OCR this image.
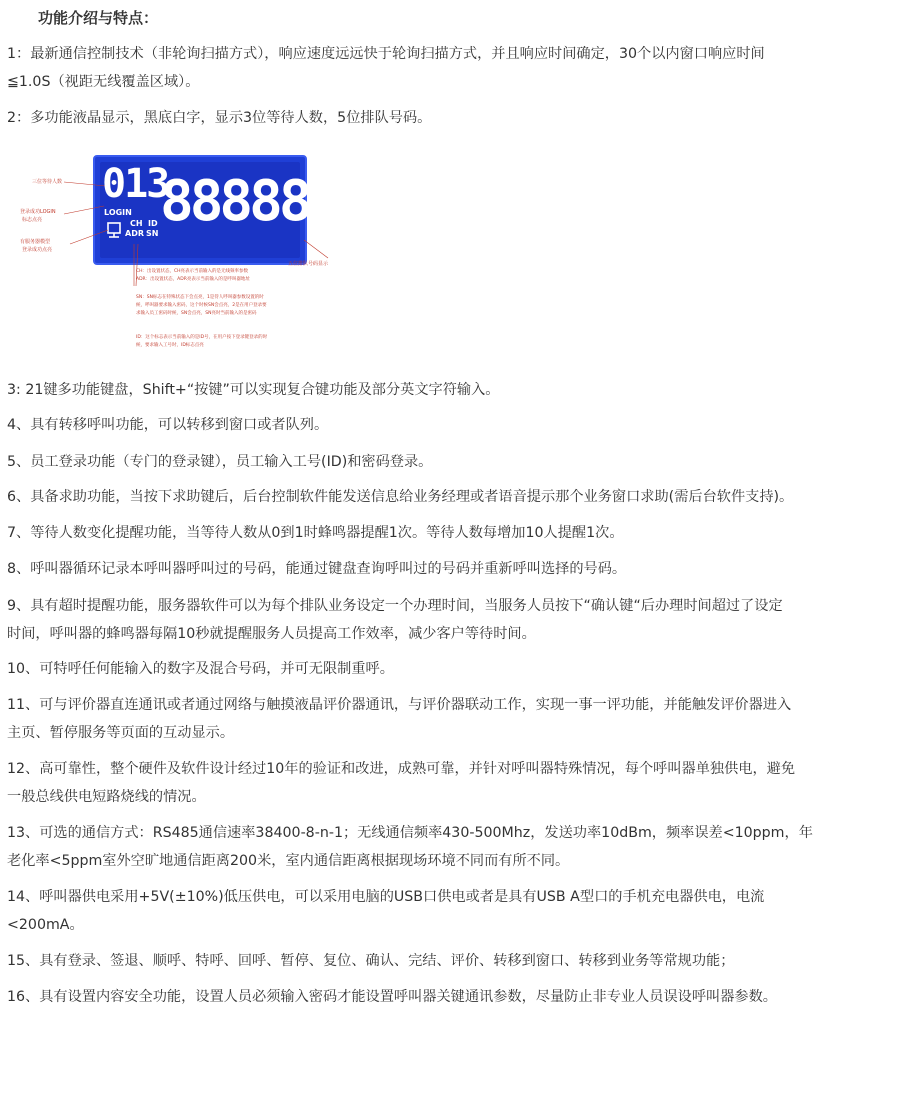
功能介绍与特点：
1：最新通信控制技术（非轮询扫描方式），响应速度远远快于轮询扫描方式，并且响应时间确定，30个以内窗口响应时间
≦1.0S（视距无线覆盖区域）。
2：多功能液晶显示，黑底白字，显示3位等待人数，5位排队号码。
013
88888
LOGIN
CH ID
ADR SN
三位等待人数
登录成功LOGIN
标志点亮
有服务器模型
登录成功点亮
五位排队号码显示
CH：出设置状态，CH亮表示当前输入的是无线频率参数
ADR：出设置状态，ADR亮表示当前输入的是呼叫器地址
SN：SN标志在特殊状态下会点亮，1是待人呼叫器参数设置的时
候，呼叫器要求输入密码，这个时候SN会点亮，2是在用户登录要
求输入员工密码时候，SN会点亮，SN亮时当前输入的是密码
ID：这个标志表示当前输入的是ID号，在用户按下登录键登录的时
候，要求输入工号时，ID标志点亮
3: 21键多功能键盘，Shift+“按键”可以实现复合键功能及部分英文字符输入。
4、具有转移呼叫功能，可以转移到窗口或者队列。
5、员工登录功能（专门的登录键），员工输入工号(ID)和密码登录。
6、具备求助功能，当按下求助键后，后台控制软件能发送信息给业务经理或者语音提示那个业务窗口求助(需后台软件支持)。
7、等待人数变化提醒功能，当等待人数从0到1时蜂鸣器提醒1次。等待人数每增加10人提醒1次。
8、呼叫器循环记录本呼叫器呼叫过的号码，能通过键盘查询呼叫过的号码并重新呼叫选择的号码。
9、具有超时提醒功能，服务器软件可以为每个排队业务设定一个办理时间，当服务人员按下“确认键“后办理时间超过了设定
时间，呼叫器的蜂鸣器每隔10秒就提醒服务人员提高工作效率，减少客户等待时间。
10、可特呼任何能输入的数字及混合号码，并可无限制重呼。
11、可与评价器直连通讯或者通过网络与触摸液晶评价器通讯，与评价器联动工作，实现一事一评功能，并能触发评价器进入
主页、暂停服务等页面的互动显示。
12、高可靠性，整个硬件及软件设计经过10年的验证和改进，成熟可靠，并针对呼叫器特殊情况，每个呼叫器单独供电，避免
一般总线供电短路烧线的情况。
13、可选的通信方式：RS485通信速率38400-8-n-1；无线通信频率430-500Mhz，发送功率10dBm，频率误差<10ppm，年
老化率<5ppm室外空旷地通信距离200米，室内通信距离根据现场环境不同而有所不同。
14、呼叫器供电采用+5V(±10%)低压供电，可以采用电脑的USB口供电或者是具有USB A型口的手机充电器供电，电流
<200mA。
15、具有登录、签退、顺呼、特呼、回呼、暂停、复位、确认、完结、评价、转移到窗口、转移到业务等常规功能；
16、具有设置内容安全功能，设置人员必须输入密码才能设置呼叫器关键通讯参数，尽量防止非专业人员误设呼叫器参数。
